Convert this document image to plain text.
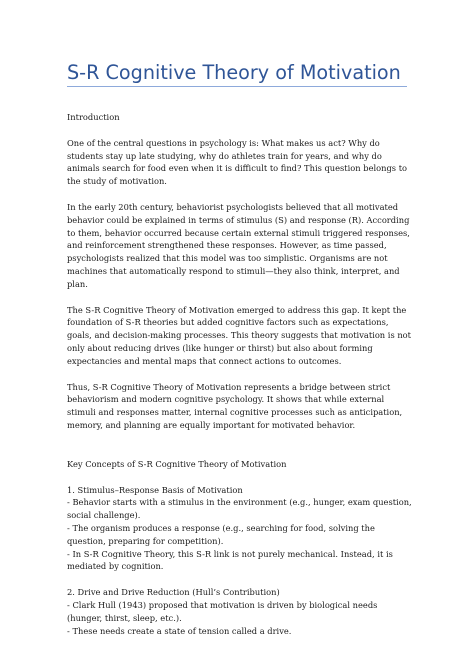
S-R Cognitive Theory of Motivation

Introduction

One of the central questions in psychology is: What makes us act? Why do students stay up late studying, why do athletes train for years, and why do animals search for food even when it is difficult to find? This question belongs to the study of motivation.

In the early 20th century, behaviorist psychologists believed that all motivated behavior could be explained in terms of stimulus (S) and response (R). According to them, behavior occurred because certain external stimuli triggered responses, and reinforcement strengthened these responses. However, as time passed, psychologists realized that this model was too simplistic. Organisms are not machines that automatically respond to stimuli—they also think, interpret, and plan.

The S-R Cognitive Theory of Motivation emerged to address this gap. It kept the foundation of S-R theories but added cognitive factors such as expectations, goals, and decision-making processes. This theory suggests that motivation is not only about reducing drives (like hunger or thirst) but also about forming expectancies and mental maps that connect actions to outcomes.

Thus, S-R Cognitive Theory of Motivation represents a bridge between strict behaviorism and modern cognitive psychology. It shows that while external stimuli and responses matter, internal cognitive processes such as anticipation, memory, and planning are equally important for motivated behavior.

Key Concepts of S-R Cognitive Theory of Motivation

1. Stimulus–Response Basis of Motivation

- Behavior starts with a stimulus in the environment (e.g., hunger, exam question, social challenge).

- The organism produces a response (e.g., searching for food, solving the question, preparing for competition).

- In S-R Cognitive Theory, this S-R link is not purely mechanical. Instead, it is mediated by cognition.

2. Drive and Drive Reduction (Hull’s Contribution)

- Clark Hull (1943) proposed that motivation is driven by biological needs (hunger, thirst, sleep, etc.).

- These needs create a state of tension called a drive.
